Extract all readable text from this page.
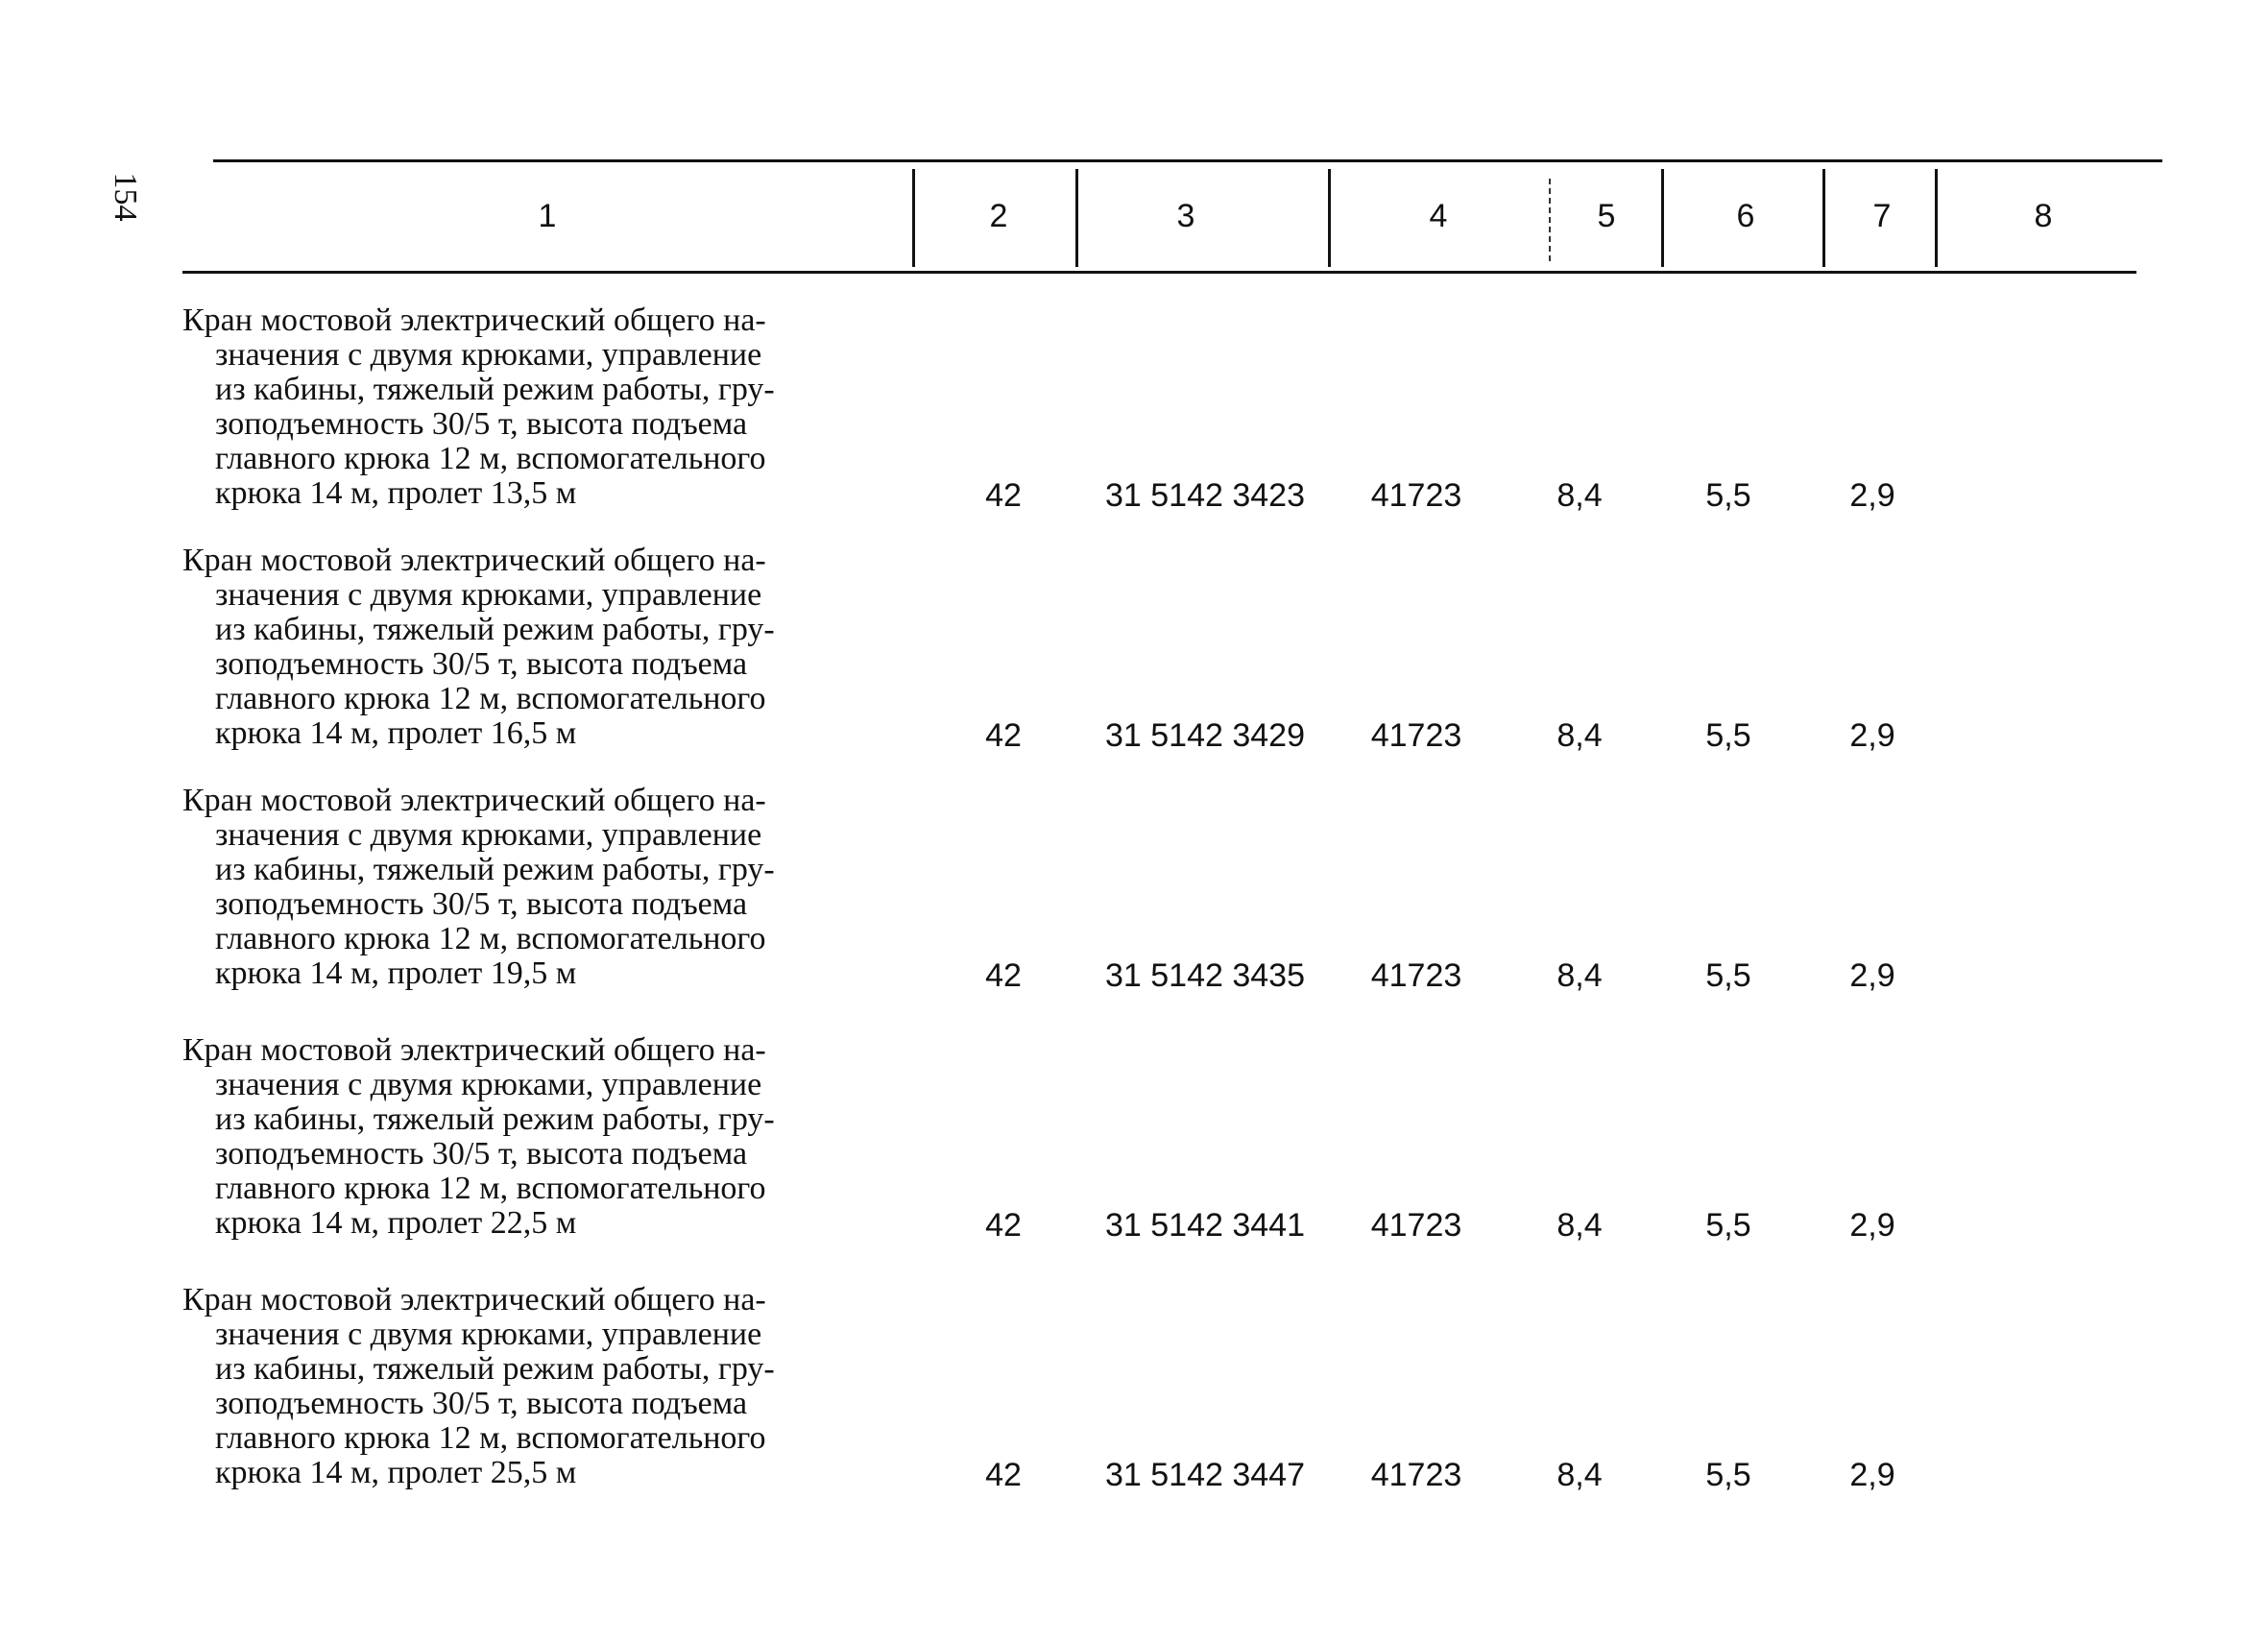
154	1	2	3	4	5	6	7	8
Кран мостовой электрический общего на-
значения с двумя крюками, управление
из кабины, тяжелый режим работы, гру-
зоподъемность 30/5 т, высота подъема
главного крюка 12 м, вспомогательного
крюка 14 м, пролет 13,5 м	42	31 5142 3423	41723	8,4	5,5	2,9
Кран мостовой электрический общего на-
значения с двумя крюками, управление
из кабины, тяжелый режим работы, гру-
зоподъемность 30/5 т, высота подъема
главного крюка 12 м, вспомогательного
крюка 14 м, пролет 16,5 м	42	31 5142 3429	41723	8,4	5,5	2,9
Кран мостовой электрический общего на-
значения с двумя крюками, управление
из кабины, тяжелый режим работы, гру-
зоподъемность 30/5 т, высота подъема
главного крюка 12 м, вспомогательного
крюка 14 м, пролет 19,5 м	42	31 5142 3435	41723	8,4	5,5	2,9
Кран мостовой электрический общего на-
значения с двумя крюками, управление
из кабины, тяжелый режим работы, гру-
зоподъемность 30/5 т, высота подъема
главного крюка 12 м, вспомогательного
крюка 14 м, пролет 22,5 м	42	31 5142 3441	41723	8,4	5,5	2,9
Кран мостовой электрический общего на-
значения с двумя крюками, управление
из кабины, тяжелый режим работы, гру-
зоподъемность 30/5 т, высота подъема
главного крюка 12 м, вспомогательного
крюка 14 м, пролет 25,5 м	42	31 5142 3447	41723	8,4	5,5	2,9
